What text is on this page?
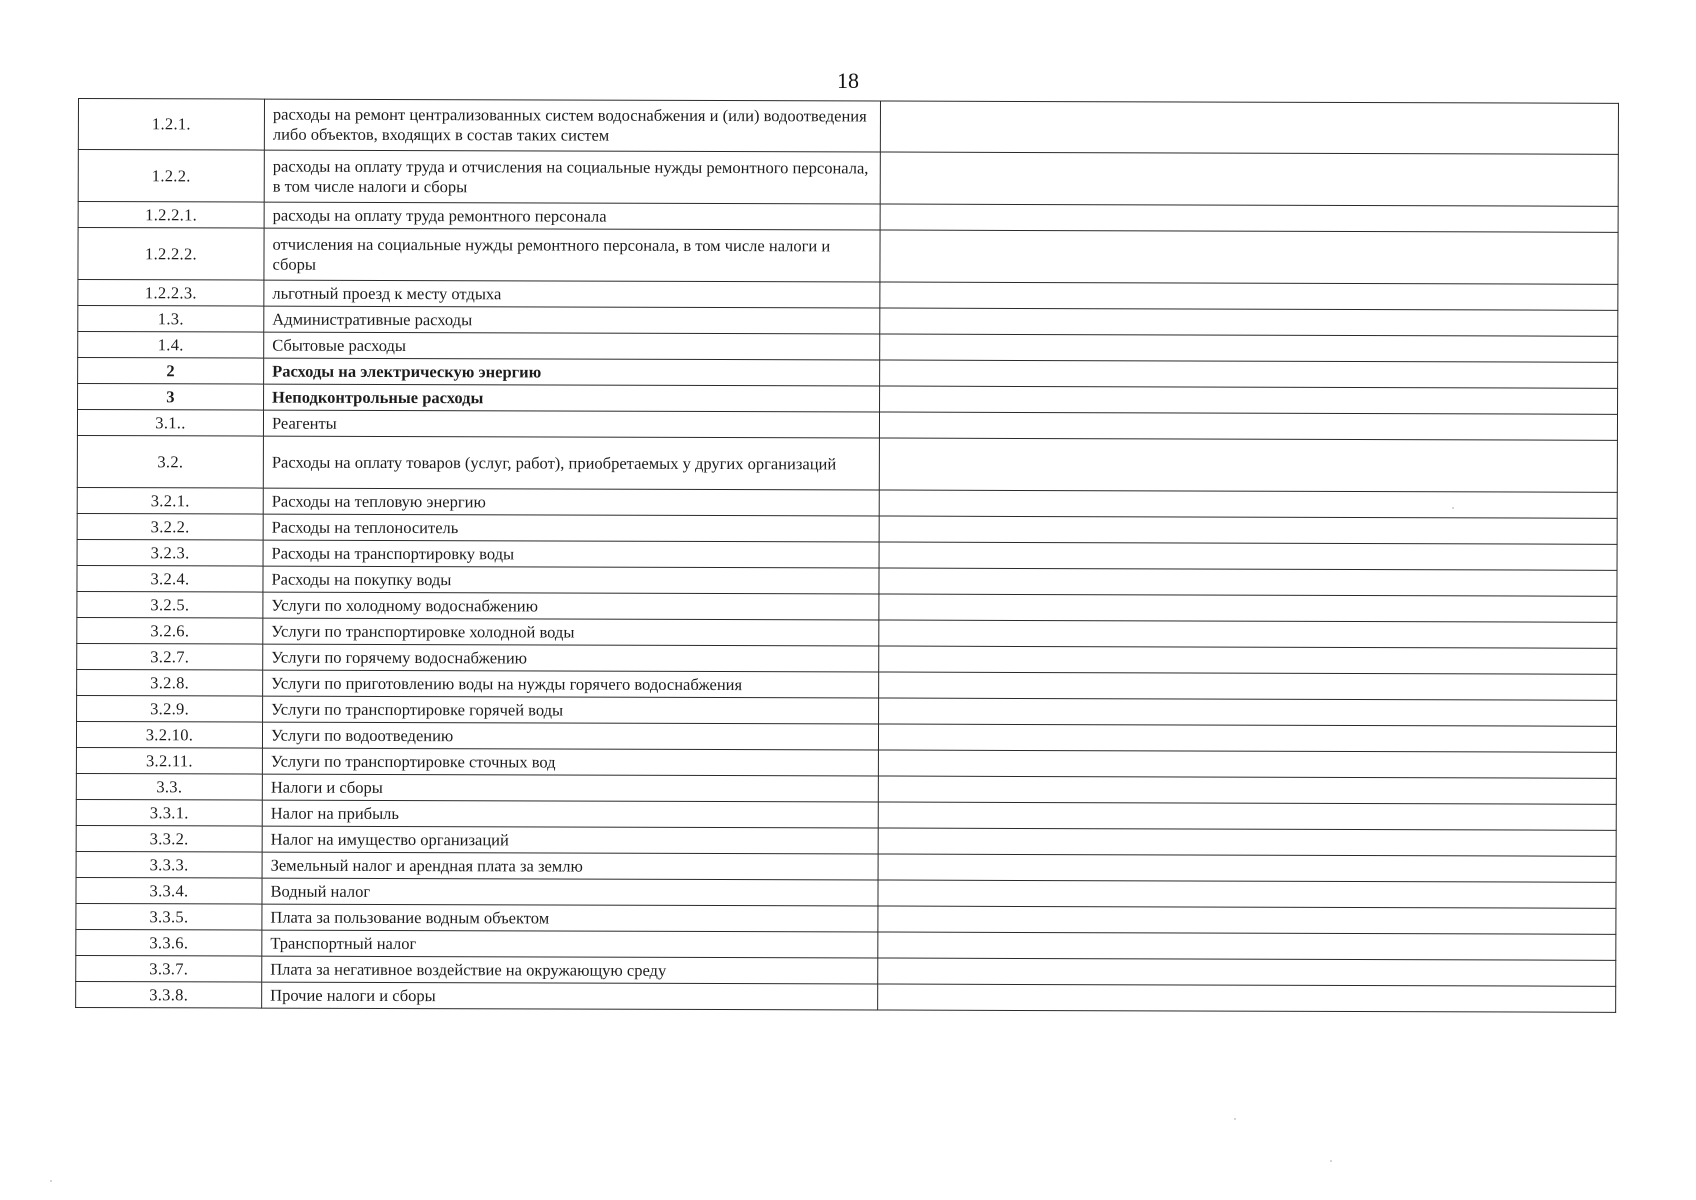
18
1.2.1.	расходы на ремонт централизованных систем водоснабжения и (или) водоотведения либо объектов, входящих в состав таких систем	
1.2.2.	расходы на оплату труда и отчисления на социальные нужды ремонтного персонала, в том числе налоги и сборы	
1.2.2.1.	расходы на оплату труда ремонтного персонала	
1.2.2.2.	отчисления на социальные нужды ремонтного персонала, в том числе налоги и сборы	
1.2.2.3.	льготный проезд к месту отдыха	
1.3.	Административные расходы	
1.4.	Сбытовые расходы	
2	Расходы на электрическую энергию	
3	Неподконтрольные расходы	
3.1..	Реагенты	
3.2.	Расходы на оплату товаров (услуг, работ), приобретаемых у других организаций	
3.2.1.	Расходы на тепловую энергию	
3.2.2.	Расходы на теплоноситель	
3.2.3.	Расходы на транспортировку воды	
3.2.4.	Расходы на покупку воды	
3.2.5.	Услуги по холодному водоснабжению	
3.2.6.	Услуги по транспортировке холодной воды	
3.2.7.	Услуги по горячему водоснабжению	
3.2.8.	Услуги по приготовлению воды на нужды горячего водоснабжения	
3.2.9.	Услуги по транспортировке горячей воды	
3.2.10.	Услуги по водоотведению	
3.2.11.	Услуги по транспортировке сточных вод	
3.3.	Налоги и сборы	
3.3.1.	Налог на прибыль	
3.3.2.	Налог на имущество организаций	
3.3.3.	Земельный налог и арендная плата за землю	
3.3.4.	Водный налог	
3.3.5.	Плата за пользование водным объектом	
3.3.6.	Транспортный налог	
3.3.7.	Плата за негативное воздействие на окружающую среду	
3.3.8.	Прочие налоги и сборы	
